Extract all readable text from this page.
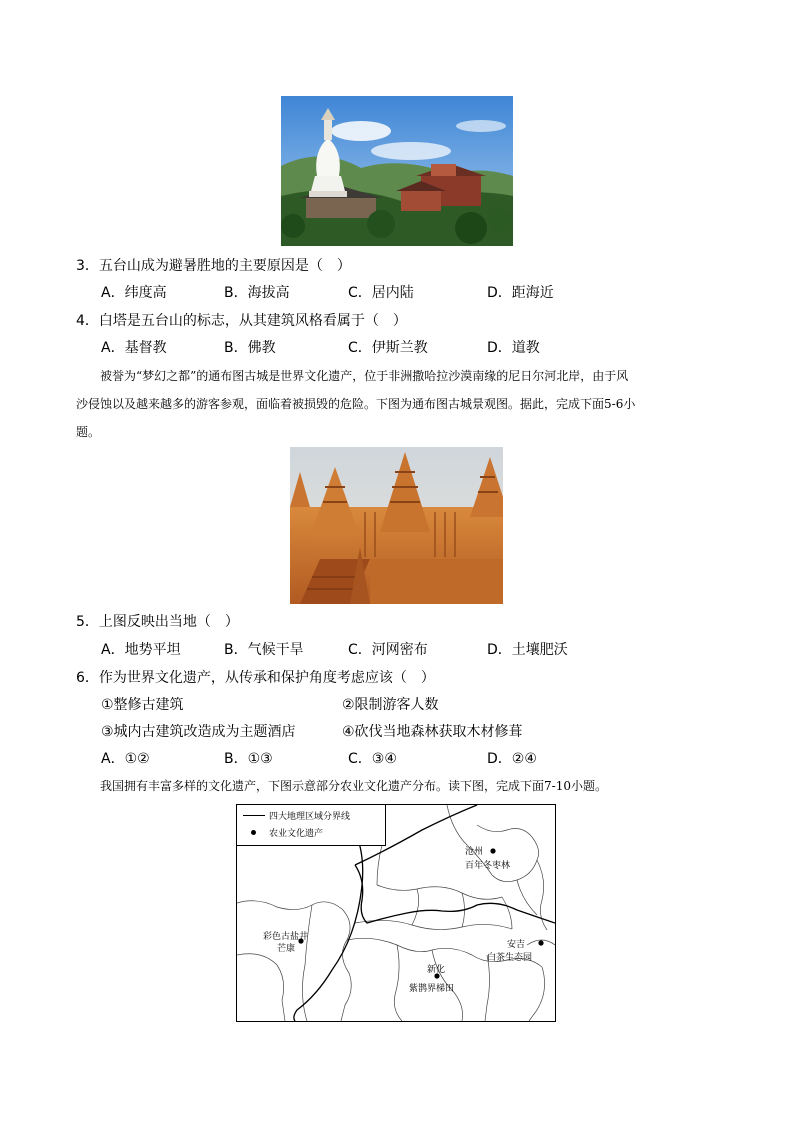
3．五台山成为避暑胜地的主要原因是（　）
A．纬度高	B．海拔高	C．居内陆	D．距海近
4．白塔是五台山的标志，从其建筑风格看属于（　）
A．基督教	B．佛教	C．伊斯兰教	D．道教
被誉为“梦幻之都”的通布图古城是世界文化遗产，位于非洲撒哈拉沙漠南缘的尼日尔河北岸，由于风
沙侵蚀以及越来越多的游客参观，面临着被损毁的危险。下图为通布图古城景观图。据此，完成下面5-6小
题。
5．上图反映出当地（　）
A．地势平坦	B．气候干旱	C．河网密布	D．土壤肥沃
6．作为世界文化遗产，从传承和保护角度考虑应该（　）
①整修古建筑	②限制游客人数
③城内古建筑改造成为主题酒店	④砍伐当地森林获取木材修葺
A．①②	B．①③	C．③④	D．②④
我国拥有丰富多样的文化遗产，下图示意部分农业文化遗产分布。读下图，完成下面7-10小题。
四大地理区域分界线
农业文化遗产
沧州
百年冬枣林
彩色古盐井
芒康
新化
紫鹊界梯田
安吉
白茶生态园
